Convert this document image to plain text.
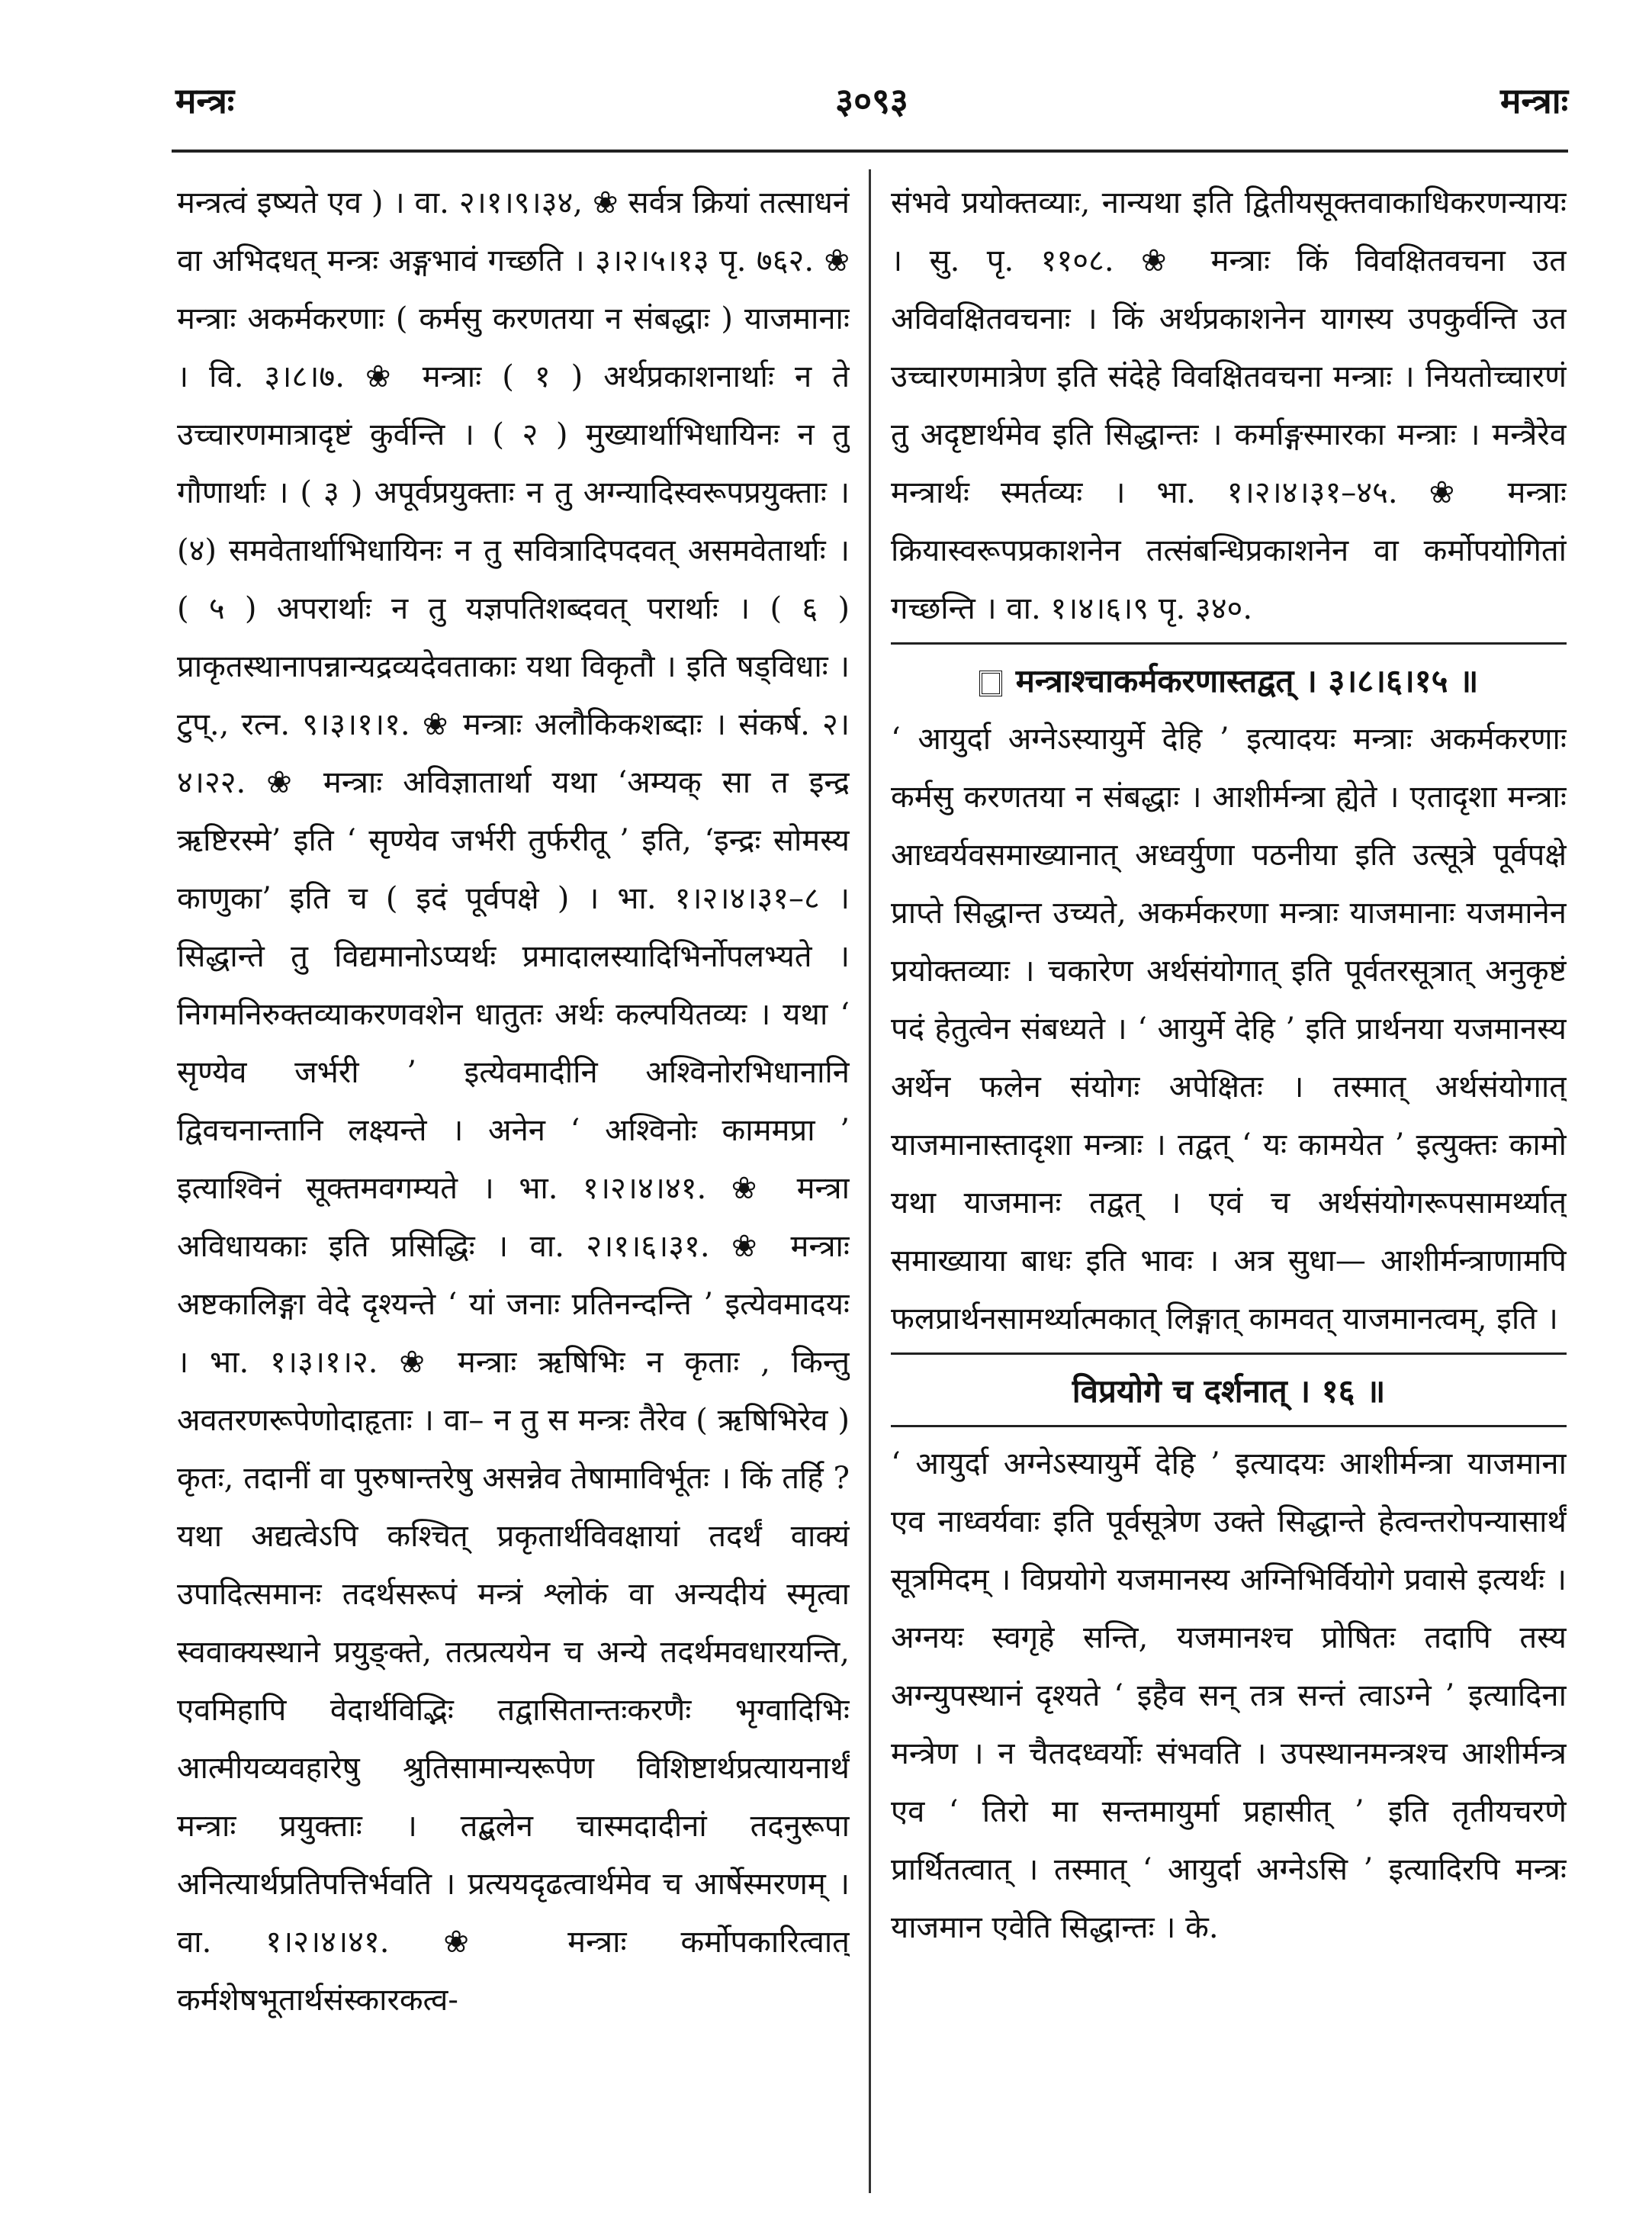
मन्त्रः	३०९३	मन्त्राः

मन्त्रत्वं इष्यते एव ) । वा. २।१।९।३४, ❀ सर्वत्र क्रियां तत्साधनं वा अभिदधत् मन्त्रः अङ्गभावं गच्छति । ३।२।५।१३ पृ. ७६२. ❀ मन्त्राः अकर्मकरणाः ( कर्मसु करणतया न संबद्धाः ) याजमानाः । वि. ३।८।७. ❀ मन्त्राः ( १ ) अर्थप्रकाशनार्थाः न ते उच्चारणमात्रादृष्टं कुर्वन्ति । ( २ ) मुख्यार्थाभिधायिनः न तु गौणार्थाः । ( ३ ) अपूर्वप्रयुक्ताः न तु अग्न्यादिस्वरूपप्रयुक्ताः । (४) समवेतार्थाभिधायिनः न तु सवित्रादिपदवत् असमवेतार्थाः । ( ५ ) अपरार्थाः न तु यज्ञपतिशब्दवत् परार्थाः । ( ६ ) प्राकृतस्थानापन्नान्यद्रव्यदेवताकाः यथा विकृतौ । इति षड्विधाः । टुप्., रत्न. ९।३।१।१. ❀ मन्त्राः अलौकिकशब्दाः । संकर्ष. २।४।२२. ❀ मन्त्राः अविज्ञातार्था यथा ‘अम्यक् सा त इन्द्र ऋष्टिरस्मे’ इति ‘ सृण्येव जर्भरी तुर्फरीतू ’ इति, ‘इन्द्रः सोमस्य काणुका’ इति च ( इदं पूर्वपक्षे ) । भा. १।२।४।३१–८ । सिद्धान्ते तु विद्यमानोऽप्यर्थः प्रमादालस्यादिभिर्नोपलभ्यते । निगमनिरुक्तव्याकरणवशेन धातुतः अर्थः कल्पयितव्यः । यथा ‘ सृण्येव जर्भरी ’ इत्येवमादीनि अश्विनोरभिधानानि द्विवचनान्तानि लक्ष्यन्ते । अनेन ‘ अश्विनोः काममप्रा ’ इत्याश्विनं सूक्तमवगम्यते । भा. १।२।४।४१. ❀ मन्त्रा अविधायकाः इति प्रसिद्धिः । वा. २।१।६।३१. ❀ मन्त्राः अष्टकालिङ्गा वेदे दृश्यन्ते ‘ यां जनाः प्रतिनन्दन्ति ’ इत्येवमादयः । भा. १।३।१।२. ❀ मन्त्राः ऋषिभिः न कृताः , किन्तु अवतरणरूपेणोदाहृताः । वा– न तु स मन्त्रः तैरेव ( ऋषिभिरेव ) कृतः, तदानीं वा पुरुषान्तरेषु असन्नेव तेषामाविर्भूतः । किं तर्हि ? यथा अद्यत्वेऽपि कश्चित् प्रकृतार्थविवक्षायां तदर्थं वाक्यं उपादित्समानः तदर्थसरूपं मन्त्रं श्लोकं वा अन्यदीयं स्मृत्वा स्ववाक्यस्थाने प्रयुङ्क्ते, तत्प्रत्ययेन च अन्ये तदर्थमवधारयन्ति, एवमिहापि वेदार्थविद्भिः तद्वासितान्तःकरणैः भृग्वादिभिः आत्मीयव्यवहारेषु श्रुतिसामान्यरूपेण विशिष्टार्थप्रत्यायनार्थं मन्त्राः प्रयुक्ताः । तद्बलेन चास्मदादीनां तदनुरूपा अनित्यार्थप्रतिपत्तिर्भवति । प्रत्ययदृढत्वार्थमेव च आर्षेस्मरणम् । वा. १।२।४।४१. ❀ मन्त्राः कर्मोपकारित्वात् कर्मशेषभूतार्थसंस्कारकत्व-

संभवे प्रयोक्तव्याः, नान्यथा इति द्वितीयसूक्तवाकाधिकरणन्यायः । सु. पृ. ११०८. ❀ मन्त्राः किं विवक्षितवचना उत अविवक्षितवचनाः । किं अर्थप्रकाशनेन यागस्य उपकुर्वन्ति उत उच्चारणमात्रेण इति संदेहे विवक्षितवचना मन्त्राः । नियतोच्चारणं तु अदृष्टार्थमेव इति सिद्धान्तः । कर्माङ्गस्मारका मन्त्राः । मन्त्रैरेव मन्त्रार्थः स्मर्तव्यः । भा. १।२।४।३१–४५. ❀ मन्त्राः क्रियास्वरूपप्रकाशनेन तत्संबन्धिप्रकाशनेन वा कर्मोपयोगितां गच्छन्ति । वा. १।४।६।९ पृ. ३४०.

मन्त्राश्चाकर्मकरणास्तद्वत् । ३।८।६।१५ ॥

‘ आयुर्दा अग्नेऽस्यायुर्मे देहि ’ इत्यादयः मन्त्राः अकर्मकरणाः कर्मसु करणतया न संबद्धाः । आशीर्मन्त्रा ह्येते । एतादृशा मन्त्राः आध्वर्यवसमाख्यानात् अध्वर्युणा पठनीया इति उत्सूत्रे पूर्वपक्षे प्राप्ते सिद्धान्त उच्यते, अकर्मकरणा मन्त्राः याजमानाः यजमानेन प्रयोक्तव्याः । चकारेण अर्थसंयोगात् इति पूर्वतरसूत्रात् अनुकृष्टं पदं हेतुत्वेन संबध्यते । ‘ आयुर्मे देहि ’ इति प्रार्थनया यजमानस्य अर्थेन फलेन संयोगः अपेक्षितः । तस्मात् अर्थसंयोगात् याजमानास्तादृशा मन्त्राः । तद्वत् ‘ यः कामयेत ’ इत्युक्तः कामो यथा याजमानः तद्वत् । एवं च अर्थसंयोगरूपसामर्थ्यात् समाख्याया बाधः इति भावः । अत्र सुधा— आशीर्मन्त्राणामपि फलप्रार्थनसामर्थ्यात्मकात् लिङ्गात् कामवत् याजमानत्वम्, इति ।

विप्रयोगे च दर्शनात् । १६ ॥

‘ आयुर्दा अग्नेऽस्यायुर्मे देहि ’ इत्यादयः आशीर्मन्त्रा याजमाना एव नाध्वर्यवाः इति पूर्वसूत्रेण उक्ते सिद्धान्ते हेत्वन्तरोपन्यासार्थं सूत्रमिदम् । विप्रयोगे यजमानस्य अग्निभिर्वियोगे प्रवासे इत्यर्थः । अग्नयः स्वगृहे सन्ति, यजमानश्च प्रोषितः तदापि तस्य अग्न्युपस्थानं दृश्यते ‘ इहैव सन् तत्र सन्तं त्वाऽग्ने ’ इत्यादिना मन्त्रेण । न चैतदध्वर्योः संभवति । उपस्थानमन्त्रश्च आशीर्मन्त्र एव ‘ तिरो मा सन्तमायुर्मा प्रहासीत् ’ इति तृतीयचरणे प्रार्थितत्वात् । तस्मात् ‘ आयुर्दा अग्नेऽसि ’ इत्यादिरपि मन्त्रः याजमान एवेति सिद्धान्तः । के.
